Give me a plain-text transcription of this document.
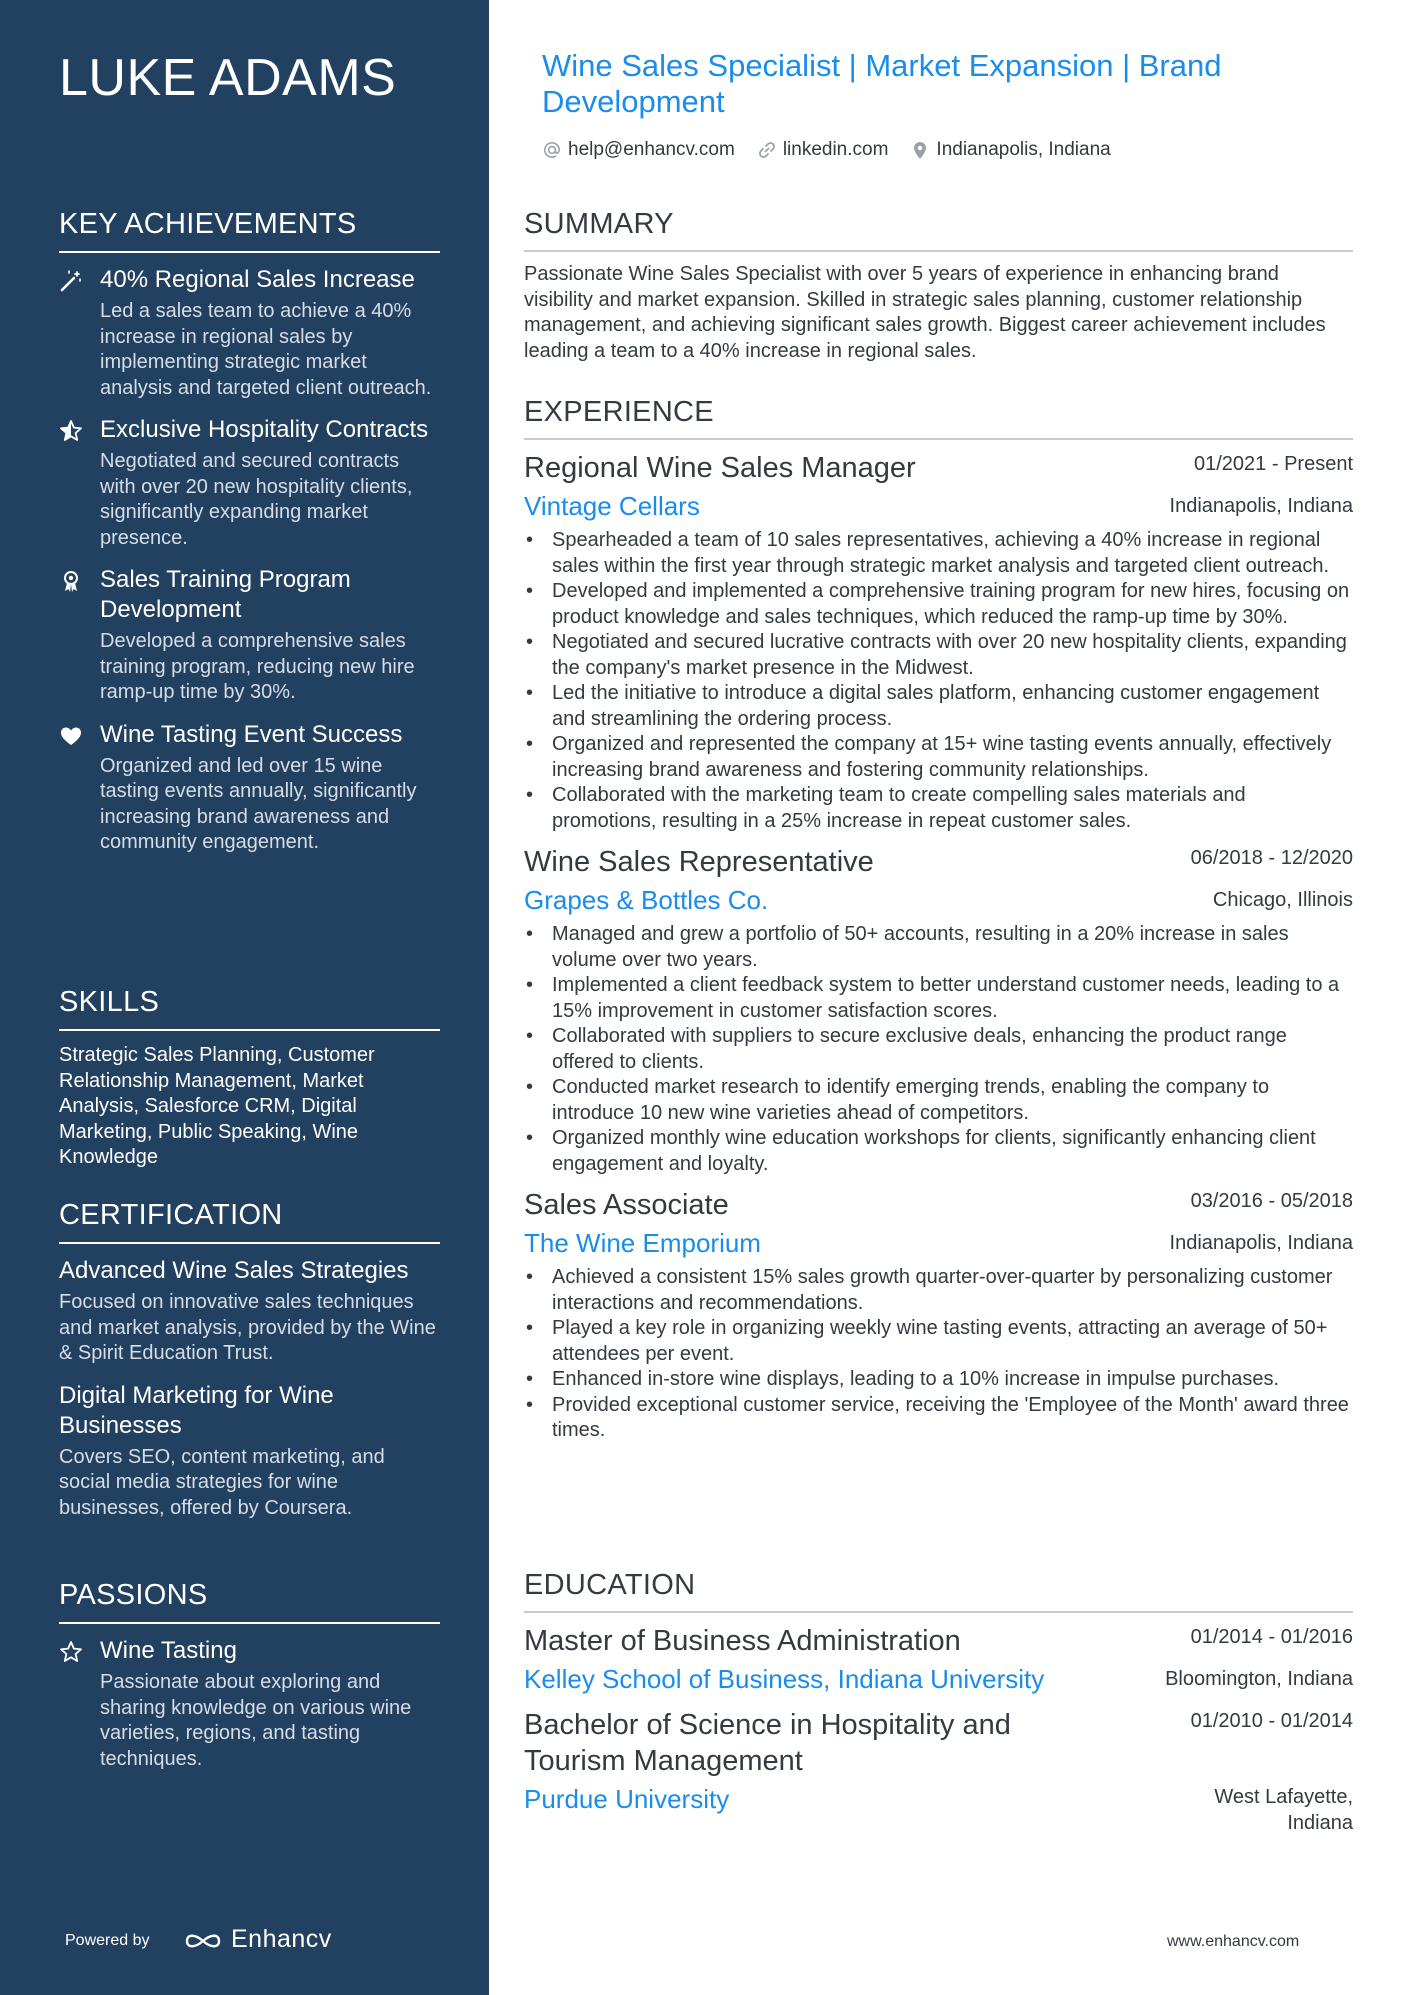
LUKE ADAMS
KEY ACHIEVEMENTS
40% Regional Sales Increase
Led a sales team to achieve a 40% increase in regional sales by implementing strategic market analysis and targeted client outreach.
Exclusive Hospitality Contracts
Negotiated and secured contracts with over 20 new hospitality clients, significantly expanding market presence.
Sales Training Program Development
Developed a comprehensive sales training program, reducing new hire ramp-up time by 30%.
Wine Tasting Event Success
Organized and led over 15 wine tasting events annually, significantly increasing brand awareness and community engagement.
SKILLS
Strategic Sales Planning, Customer Relationship Management, Market Analysis, Salesforce CRM, Digital Marketing, Public Speaking, Wine Knowledge
CERTIFICATION
Advanced Wine Sales Strategies
Focused on innovative sales techniques and market analysis, provided by the Wine & Spirit Education Trust.
Digital Marketing for Wine Businesses
Covers SEO, content marketing, and social media strategies for wine businesses, offered by Coursera.
PASSIONS
Wine Tasting
Passionate about exploring and sharing knowledge on various wine varieties, regions, and tasting techniques.
Powered by	Enhancv
Wine Sales Specialist | Market Expansion | Brand Development
help@enhancv.com	linkedin.com	Indianapolis, Indiana
SUMMARY
Passionate Wine Sales Specialist with over 5 years of experience in enhancing brand visibility and market expansion. Skilled in strategic sales planning, customer relationship management, and achieving significant sales growth. Biggest career achievement includes leading a team to a 40% increase in regional sales.
EXPERIENCE
Regional Wine Sales Manager	01/2021 - Present
Vintage Cellars	Indianapolis, Indiana
• Spearheaded a team of 10 sales representatives, achieving a 40% increase in regional sales within the first year through strategic market analysis and targeted client outreach.
• Developed and implemented a comprehensive training program for new hires, focusing on product knowledge and sales techniques, which reduced the ramp-up time by 30%.
• Negotiated and secured lucrative contracts with over 20 new hospitality clients, expanding the company's market presence in the Midwest.
• Led the initiative to introduce a digital sales platform, enhancing customer engagement and streamlining the ordering process.
• Organized and represented the company at 15+ wine tasting events annually, effectively increasing brand awareness and fostering community relationships.
• Collaborated with the marketing team to create compelling sales materials and promotions, resulting in a 25% increase in repeat customer sales.
Wine Sales Representative	06/2018 - 12/2020
Grapes & Bottles Co.	Chicago, Illinois
• Managed and grew a portfolio of 50+ accounts, resulting in a 20% increase in sales volume over two years.
• Implemented a client feedback system to better understand customer needs, leading to a 15% improvement in customer satisfaction scores.
• Collaborated with suppliers to secure exclusive deals, enhancing the product range offered to clients.
• Conducted market research to identify emerging trends, enabling the company to introduce 10 new wine varieties ahead of competitors.
• Organized monthly wine education workshops for clients, significantly enhancing client engagement and loyalty.
Sales Associate	03/2016 - 05/2018
The Wine Emporium	Indianapolis, Indiana
• Achieved a consistent 15% sales growth quarter-over-quarter by personalizing customer interactions and recommendations.
• Played a key role in organizing weekly wine tasting events, attracting an average of 50+ attendees per event.
• Enhanced in-store wine displays, leading to a 10% increase in impulse purchases.
• Provided exceptional customer service, receiving the 'Employee of the Month' award three times.
EDUCATION
Master of Business Administration	01/2014 - 01/2016
Kelley School of Business, Indiana University	Bloomington, Indiana
Bachelor of Science in Hospitality and Tourism Management
01/2010 - 01/2014
Purdue University	West Lafayette,
Indiana
www.enhancv.com
